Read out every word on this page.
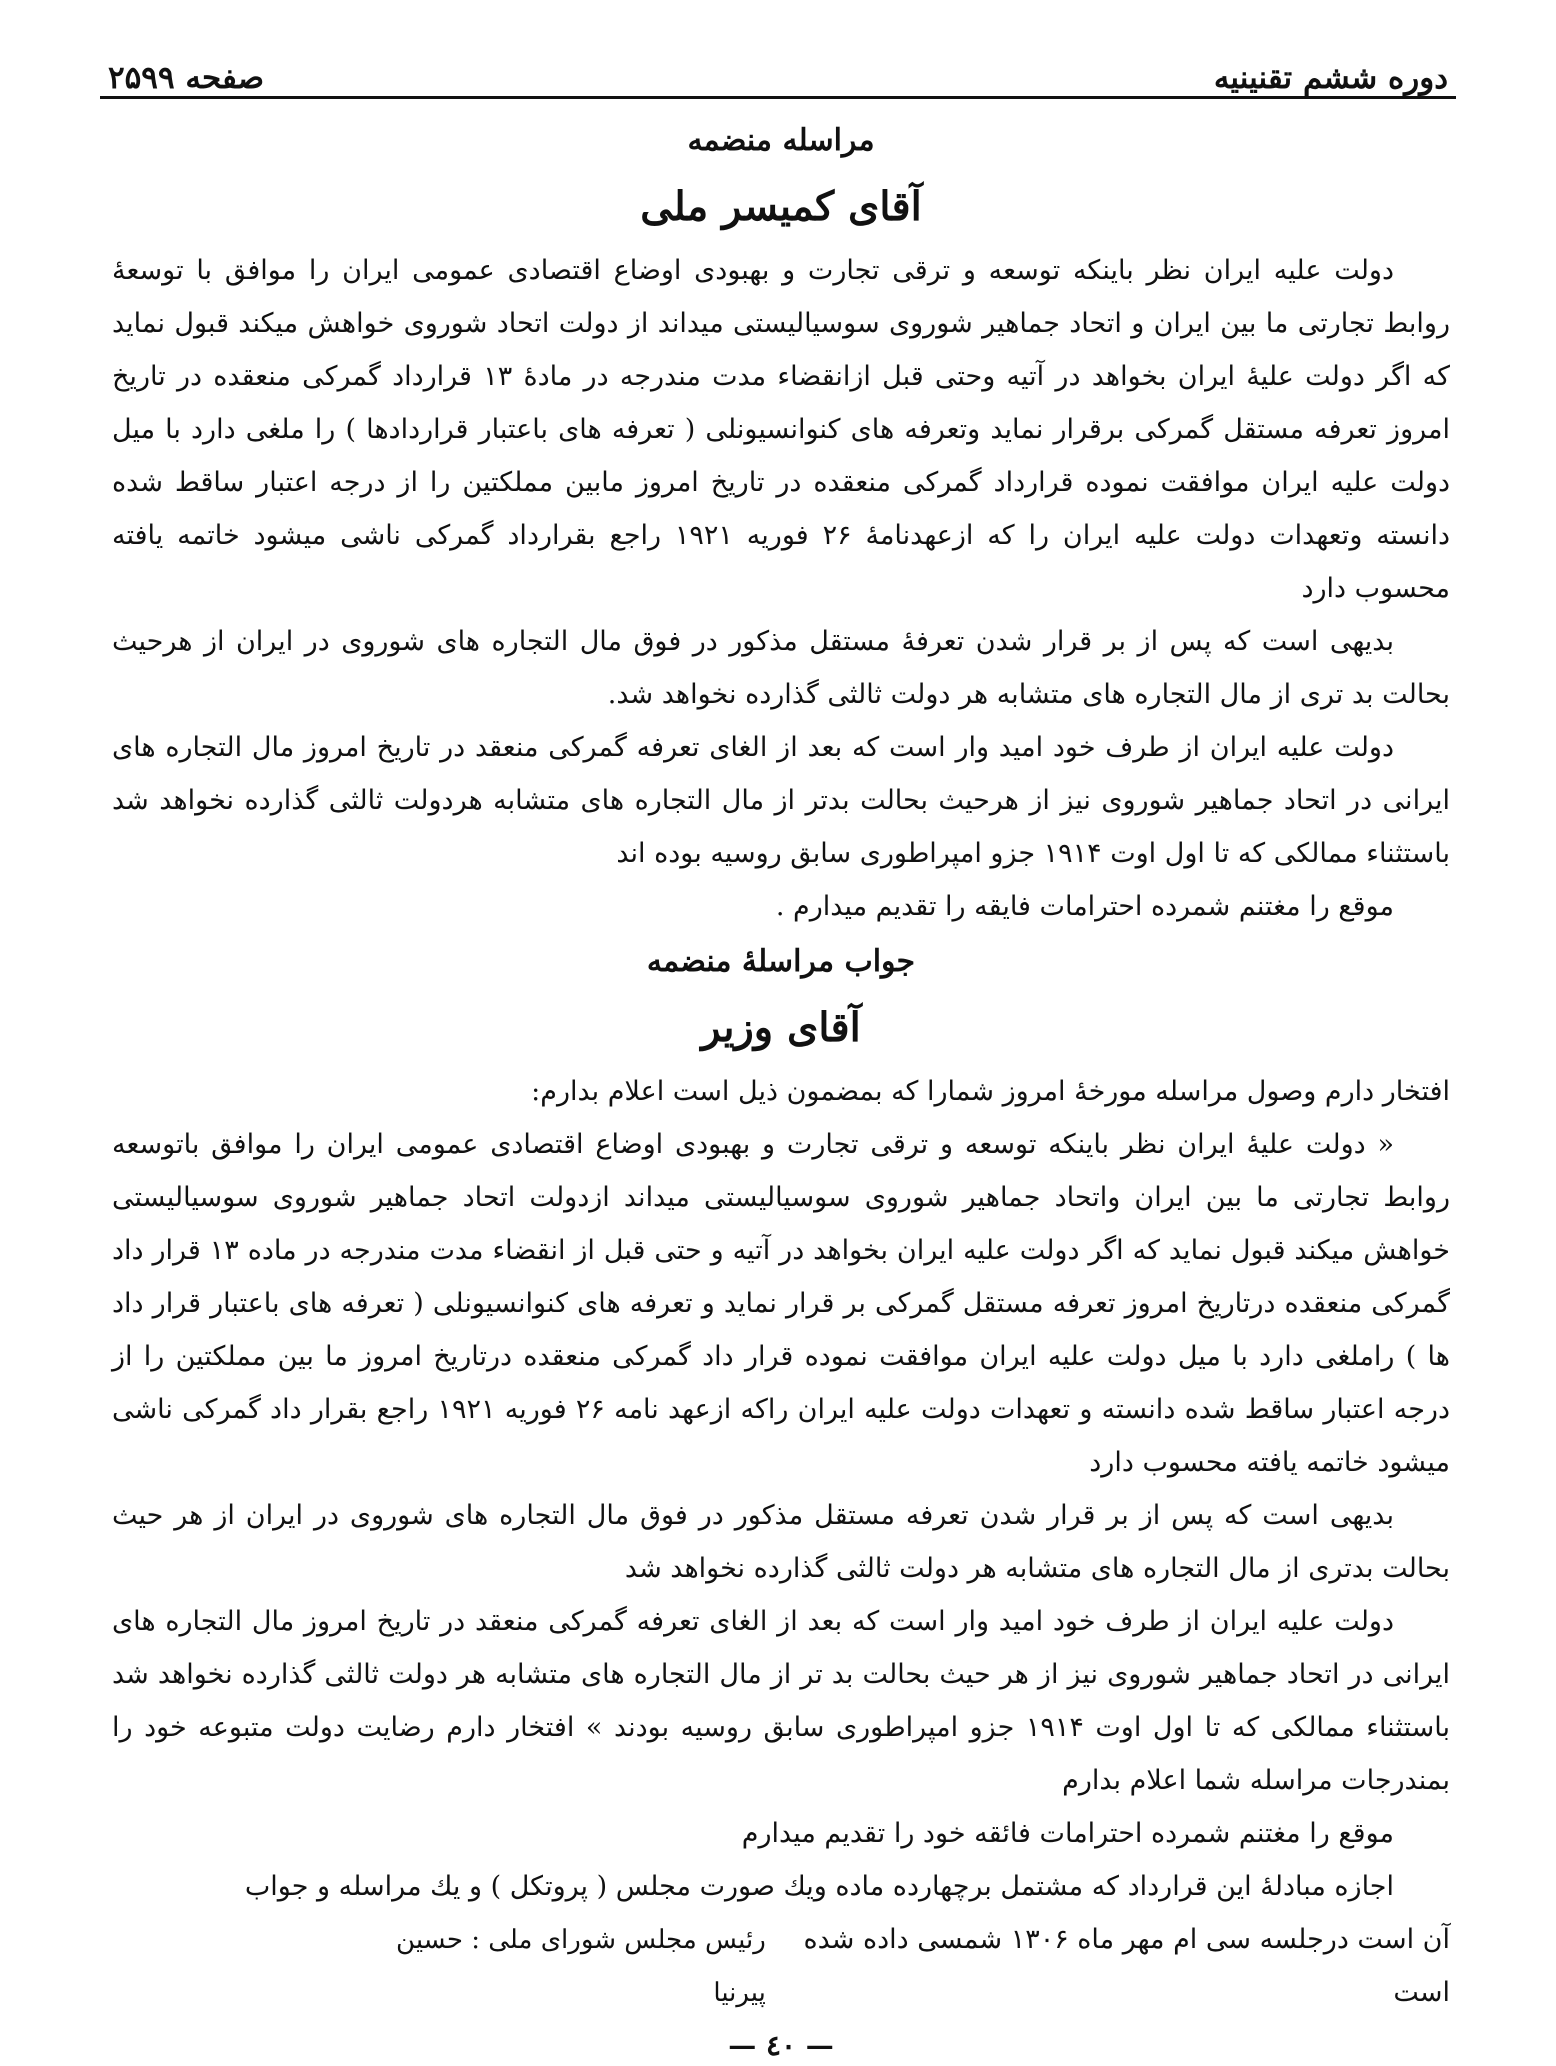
دوره ششم تقنينيه
صفحه ۲۵۹۹
مراسله منضمه
آقای کمیسر ملی

دولت علیه ایران نظر باینکه توسعه و ترقی تجارت و بهبودی اوضاع اقتصادی عمومی ایران را موافق با توسعهٔ روابط تجارتی ما بین ایران و اتحاد جماهیر شوروی سوسیالیستی میداند از دولت اتحاد شوروی خواهش میکند قبول نماید که اگر دولت علیهٔ ایران بخواهد در آتیه وحتی قبل ازانقضاء مدت مندرجه در مادهٔ ۱۳ قرارداد گمرکی منعقده در تاریخ امروز تعرفه مستقل گمرکی برقرار نماید وتعرفه های کنوانسیونلی ( تعرفه های باعتبار قراردادها ) را ملغی دارد با میل دولت علیه ایران موافقت نموده قرارداد گمرکی منعقده در تاریخ امروز مابین مملکتین را از درجه اعتبار ساقط شده دانسته وتعهدات دولت علیه ایران را که ازعهدنامهٔ ۲۶ فوریه ۱۹۲۱ راجع بقرارداد گمرکی ناشی میشود خاتمه یافته محسوب دارد

بدیهی است که پس از بر قرار شدن تعرفهٔ مستقل مذکور در فوق مال التجاره های شوروی در ایران از هرحیث بحالت بد تری از مال التجاره های متشابه هر دولت ثالثی گذارده نخواهد شد.

دولت علیه ایران از طرف خود امید وار است که بعد از الغای تعرفه گمرکی منعقد در تاریخ امروز مال التجاره های ایرانی در اتحاد جماهیر شوروی نیز از هرحیث بحالت بدتر از مال التجاره های متشابه هردولت ثالثی گذارده نخواهد شد باستثناء ممالکی که تا اول اوت ۱۹۱۴ جزو امپراطوری سابق روسیه بوده اند

موقع را مغتنم شمرده احترامات فایقه را تقدیم میدارم .

جواب مراسلهٔ منضمه
آقای وزیر

افتخار دارم وصول مراسله مورخهٔ امروز شمارا که بمضمون ذیل است اعلام بدارم:

« دولت علیهٔ ایران نظر باینکه توسعه و ترقی تجارت و بهبودی اوضاع اقتصادی عمومی ایران را موافق باتوسعه روابط تجارتی ما بین ایران واتحاد جماهیر شوروی سوسیالیستی میداند ازدولت اتحاد جماهیر شوروی سوسیالیستی خواهش میکند قبول نماید که اگر دولت علیه ایران بخواهد در آتیه و حتی قبل از انقضاء مدت مندرجه در ماده ۱۳ قرار داد گمرکی منعقده درتاریخ امروز تعرفه مستقل گمرکی بر قرار نماید و تعرفه های کنوانسیونلی ( تعرفه های باعتبار قرار داد ها ) راملغی دارد با میل دولت علیه ایران موافقت نموده قرار داد گمرکی منعقده درتاریخ امروز ما بین مملکتین را از درجه اعتبار ساقط شده دانسته و تعهدات دولت علیه ایران راکه ازعهد نامه ۲۶ فوریه ۱۹۲۱ راجع بقرار داد گمرکی ناشی میشود خاتمه یافته محسوب دارد

بدیهی است که پس از بر قرار شدن تعرفه مستقل مذکور در فوق مال التجاره های شوروی در ایران از هر حیث بحالت بدتری از مال التجاره های متشابه هر دولت ثالثی گذارده نخواهد شد

دولت علیه ایران از طرف خود امید وار است که بعد از الغای تعرفه گمرکی منعقد در تاریخ امروز مال التجاره های ایرانی در اتحاد جماهیر شوروی نیز از هر حیث بحالت بد تر از مال التجاره های متشابه هر دولت ثالثی گذارده نخواهد شد باستثناء ممالکی که تا اول اوت ۱۹۱۴ جزو امپراطوری سابق روسیه بودند » افتخار دارم رضایت دولت متبوعه خود را بمندرجات مراسله شما اعلام بدارم

موقع را مغتنم شمرده احترامات فائقه خود را تقدیم میدارم

اجازه مبادلهٔ این قرارداد که مشتمل برچهارده ماده ویك صورت مجلس ( پروتکل ) و یك مراسله و جواب

آن است درجلسه سی ام مهر ماه ۱۳۰۶ شمسی داده شده است
رئیس مجلس شورای ملی : حسین پیرنیا
— ٤٠ —
